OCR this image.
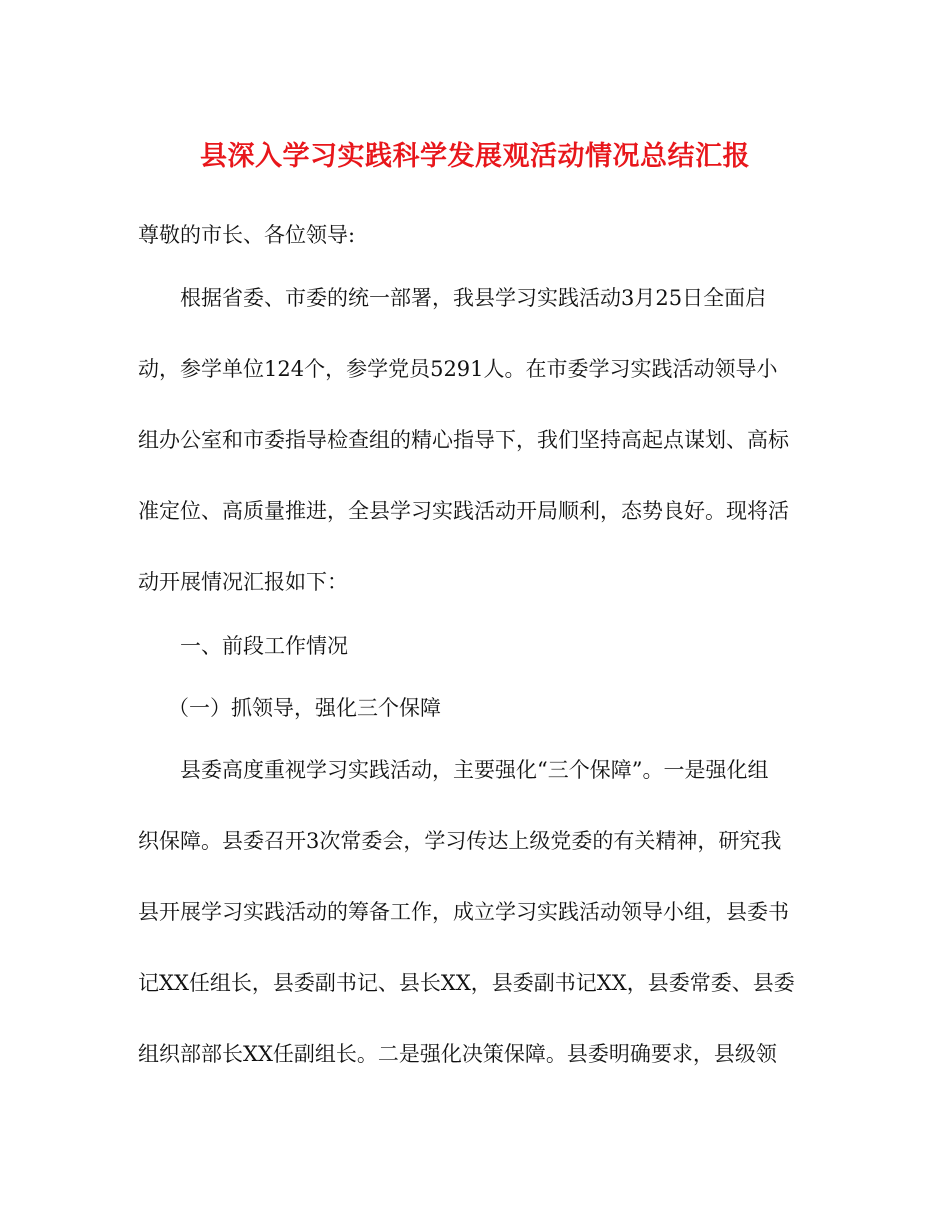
县深入学习实践科学发展观活动情况总结汇报
尊敬的市长、各位领导:
根据省委、市委的统一部署，我县学习实践活动3月25日全面启
动，参学单位124个，参学党员5291人。在市委学习实践活动领导小
组办公室和市委指导检查组的精心指导下，我们坚持高起点谋划、高标
准定位、高质量推进，全县学习实践活动开局顺利，态势良好。现将活
动开展情况汇报如下：
一、前段工作情况
（一）抓领导，强化三个保障
县委高度重视学习实践活动，主要强化“三个保障”。一是强化组
织保障。县委召开3次常委会，学习传达上级党委的有关精神，研究我
县开展学习实践活动的筹备工作，成立学习实践活动领导小组，县委书
记XX任组长，县委副书记、县长XX，县委副书记XX，县委常委、县委
组织部部长XX任副组长。二是强化决策保障。县委明确要求，县级领
